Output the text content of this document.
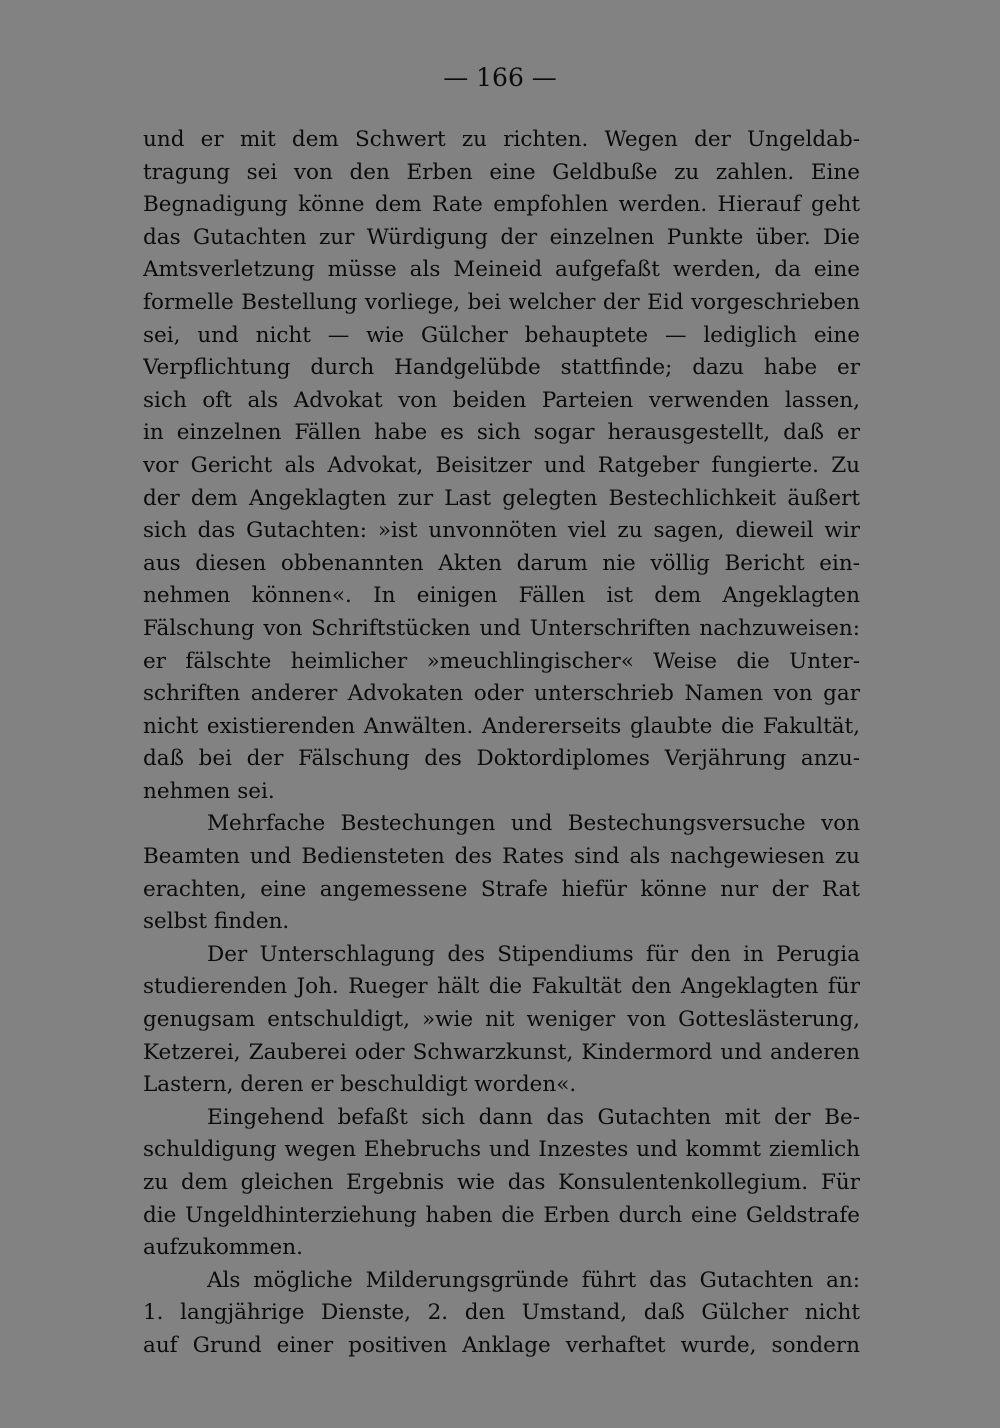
— 166 —
und er mit dem Schwert zu richten. Wegen der Ungeldab-
tragung sei von den Erben eine Geldbuße zu zahlen. Eine
Begnadigung könne dem Rate empfohlen werden. Hierauf geht
das Gutachten zur Würdigung der einzelnen Punkte über. Die
Amtsverletzung müsse als Meineid aufgefaßt werden, da eine
formelle Bestellung vorliege, bei welcher der Eid vorgeschrieben
sei, und nicht — wie Gülcher behauptete — lediglich eine
Verpflichtung durch Handgelübde stattfinde; dazu habe er
sich oft als Advokat von beiden Parteien verwenden lassen,
in einzelnen Fällen habe es sich sogar herausgestellt, daß er
vor Gericht als Advokat, Beisitzer und Ratgeber fungierte. Zu
der dem Angeklagten zur Last gelegten Bestechlichkeit äußert
sich das Gutachten: »ist unvonnöten viel zu sagen, dieweil wir
aus diesen obbenannten Akten darum nie völlig Bericht ein-
nehmen können«. In einigen Fällen ist dem Angeklagten
Fälschung von Schriftstücken und Unterschriften nachzuweisen:
er fälschte heimlicher »meuchlingischer« Weise die Unter-
schriften anderer Advokaten oder unterschrieb Namen von gar
nicht existierenden Anwälten. Andererseits glaubte die Fakultät,
daß bei der Fälschung des Doktordiplomes Verjährung anzu-
nehmen sei.
Mehrfache Bestechungen und Bestechungsversuche von
Beamten und Bediensteten des Rates sind als nachgewiesen zu
erachten, eine angemessene Strafe hiefür könne nur der Rat
selbst finden.
Der Unterschlagung des Stipendiums für den in Perugia
studierenden Joh. Rueger hält die Fakultät den Angeklagten für
genugsam entschuldigt, »wie nit weniger von Gotteslästerung,
Ketzerei, Zauberei oder Schwarzkunst, Kindermord und anderen
Lastern, deren er beschuldigt worden«.
Eingehend befaßt sich dann das Gutachten mit der Be-
schuldigung wegen Ehebruchs und Inzestes und kommt ziemlich
zu dem gleichen Ergebnis wie das Konsulentenkollegium. Für
die Ungeldhinterziehung haben die Erben durch eine Geldstrafe
aufzukommen.
Als mögliche Milderungsgründe führt das Gutachten an:
1. langjährige Dienste, 2. den Umstand, daß Gülcher nicht
auf Grund einer positiven Anklage verhaftet wurde, sondern
